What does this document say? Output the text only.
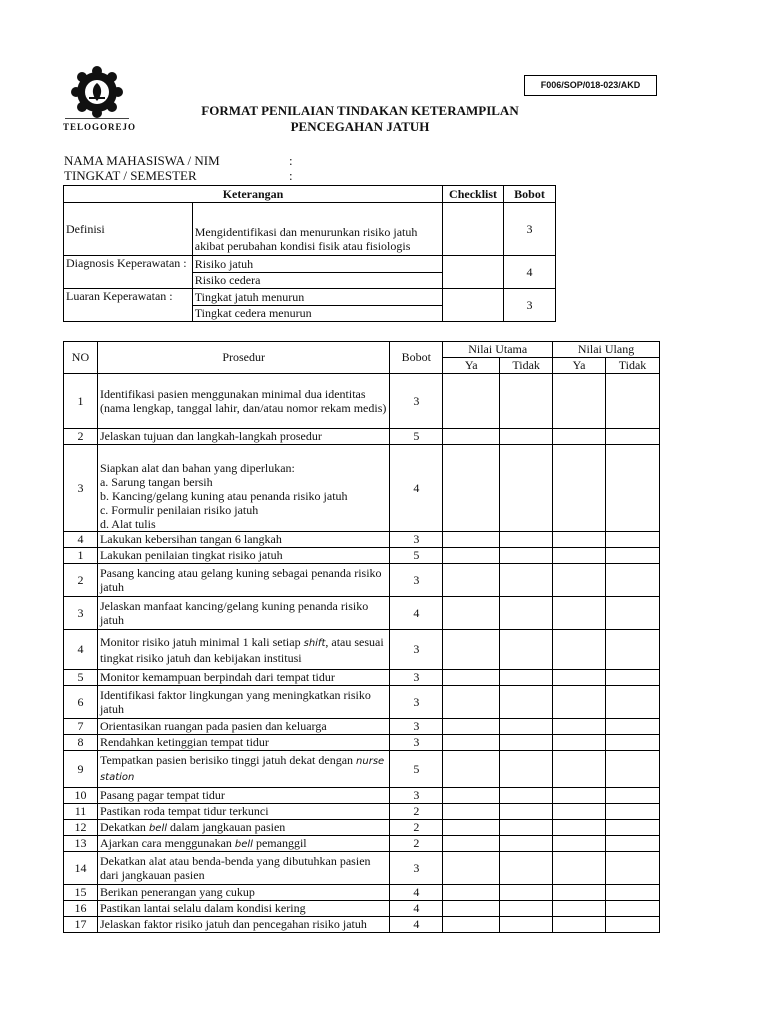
TELOGOREJO
F006/SOP/018-023/AKD
FORMAT PENILAIAN TINDAKAN KETERAMPILAN
PENCEGAHAN JATUH
NAMA MAHASISWA / NIM	:
TINGKAT / SEMESTER	:
Keterangan		Checklist	Bobot
Definisi	Mengidentifikasi dan menurunkan risiko jatuh akibat perubahan kondisi fisik atau fisiologis		3
Diagnosis Keperawatan :	Risiko jatuh		4
	Risiko cedera		
Luaran Keperawatan :	Tingkat jatuh menurun		3
	Tingkat cedera menurun		
NO	Prosedur	Bobot	Nilai Utama		Nilai Ulang	
			Ya	Tidak	Ya	Tidak
1	Identifikasi pasien menggunakan minimal dua identitas (nama lengkap, tanggal lahir, dan/atau nomor rekam medis)	3				
2	Jelaskan tujuan dan langkah-langkah prosedur	5				
3	Siapkan alat dan bahan yang diperlukan:
a. Sarung tangan bersih
b. Kancing/gelang kuning atau penanda risiko jatuh
c. Formulir penilaian risiko jatuh
d. Alat tulis	4				
4	Lakukan kebersihan tangan 6 langkah	3				
1	Lakukan penilaian tingkat risiko jatuh	5				
2	Pasang kancing atau gelang kuning sebagai penanda risiko jatuh	3				
3	Jelaskan manfaat kancing/gelang kuning penanda risiko jatuh	4				
4	Monitor risiko jatuh minimal 1 kali setiap shift, atau sesuai tingkat risiko jatuh dan kebijakan institusi	3				
5	Monitor kemampuan berpindah dari tempat tidur	3				
6	Identifikasi faktor lingkungan yang meningkatkan risiko jatuh	3				
7	Orientasikan ruangan pada pasien dan keluarga	3				
8	Rendahkan ketinggian tempat tidur	3				
9	Tempatkan pasien berisiko tinggi jatuh dekat dengan nurse station	5				
10	Pasang pagar tempat tidur	3				
11	Pastikan roda tempat tidur terkunci	2				
12	Dekatkan bell dalam jangkauan pasien	2				
13	Ajarkan cara menggunakan bell pemanggil	2				
14	Dekatkan alat atau benda-benda yang dibutuhkan pasien dari jangkauan pasien	3				
15	Berikan penerangan yang cukup	4				
16	Pastikan lantai selalu dalam kondisi kering	4				
17	Jelaskan faktor risiko jatuh dan pencegahan risiko jatuh	4				
